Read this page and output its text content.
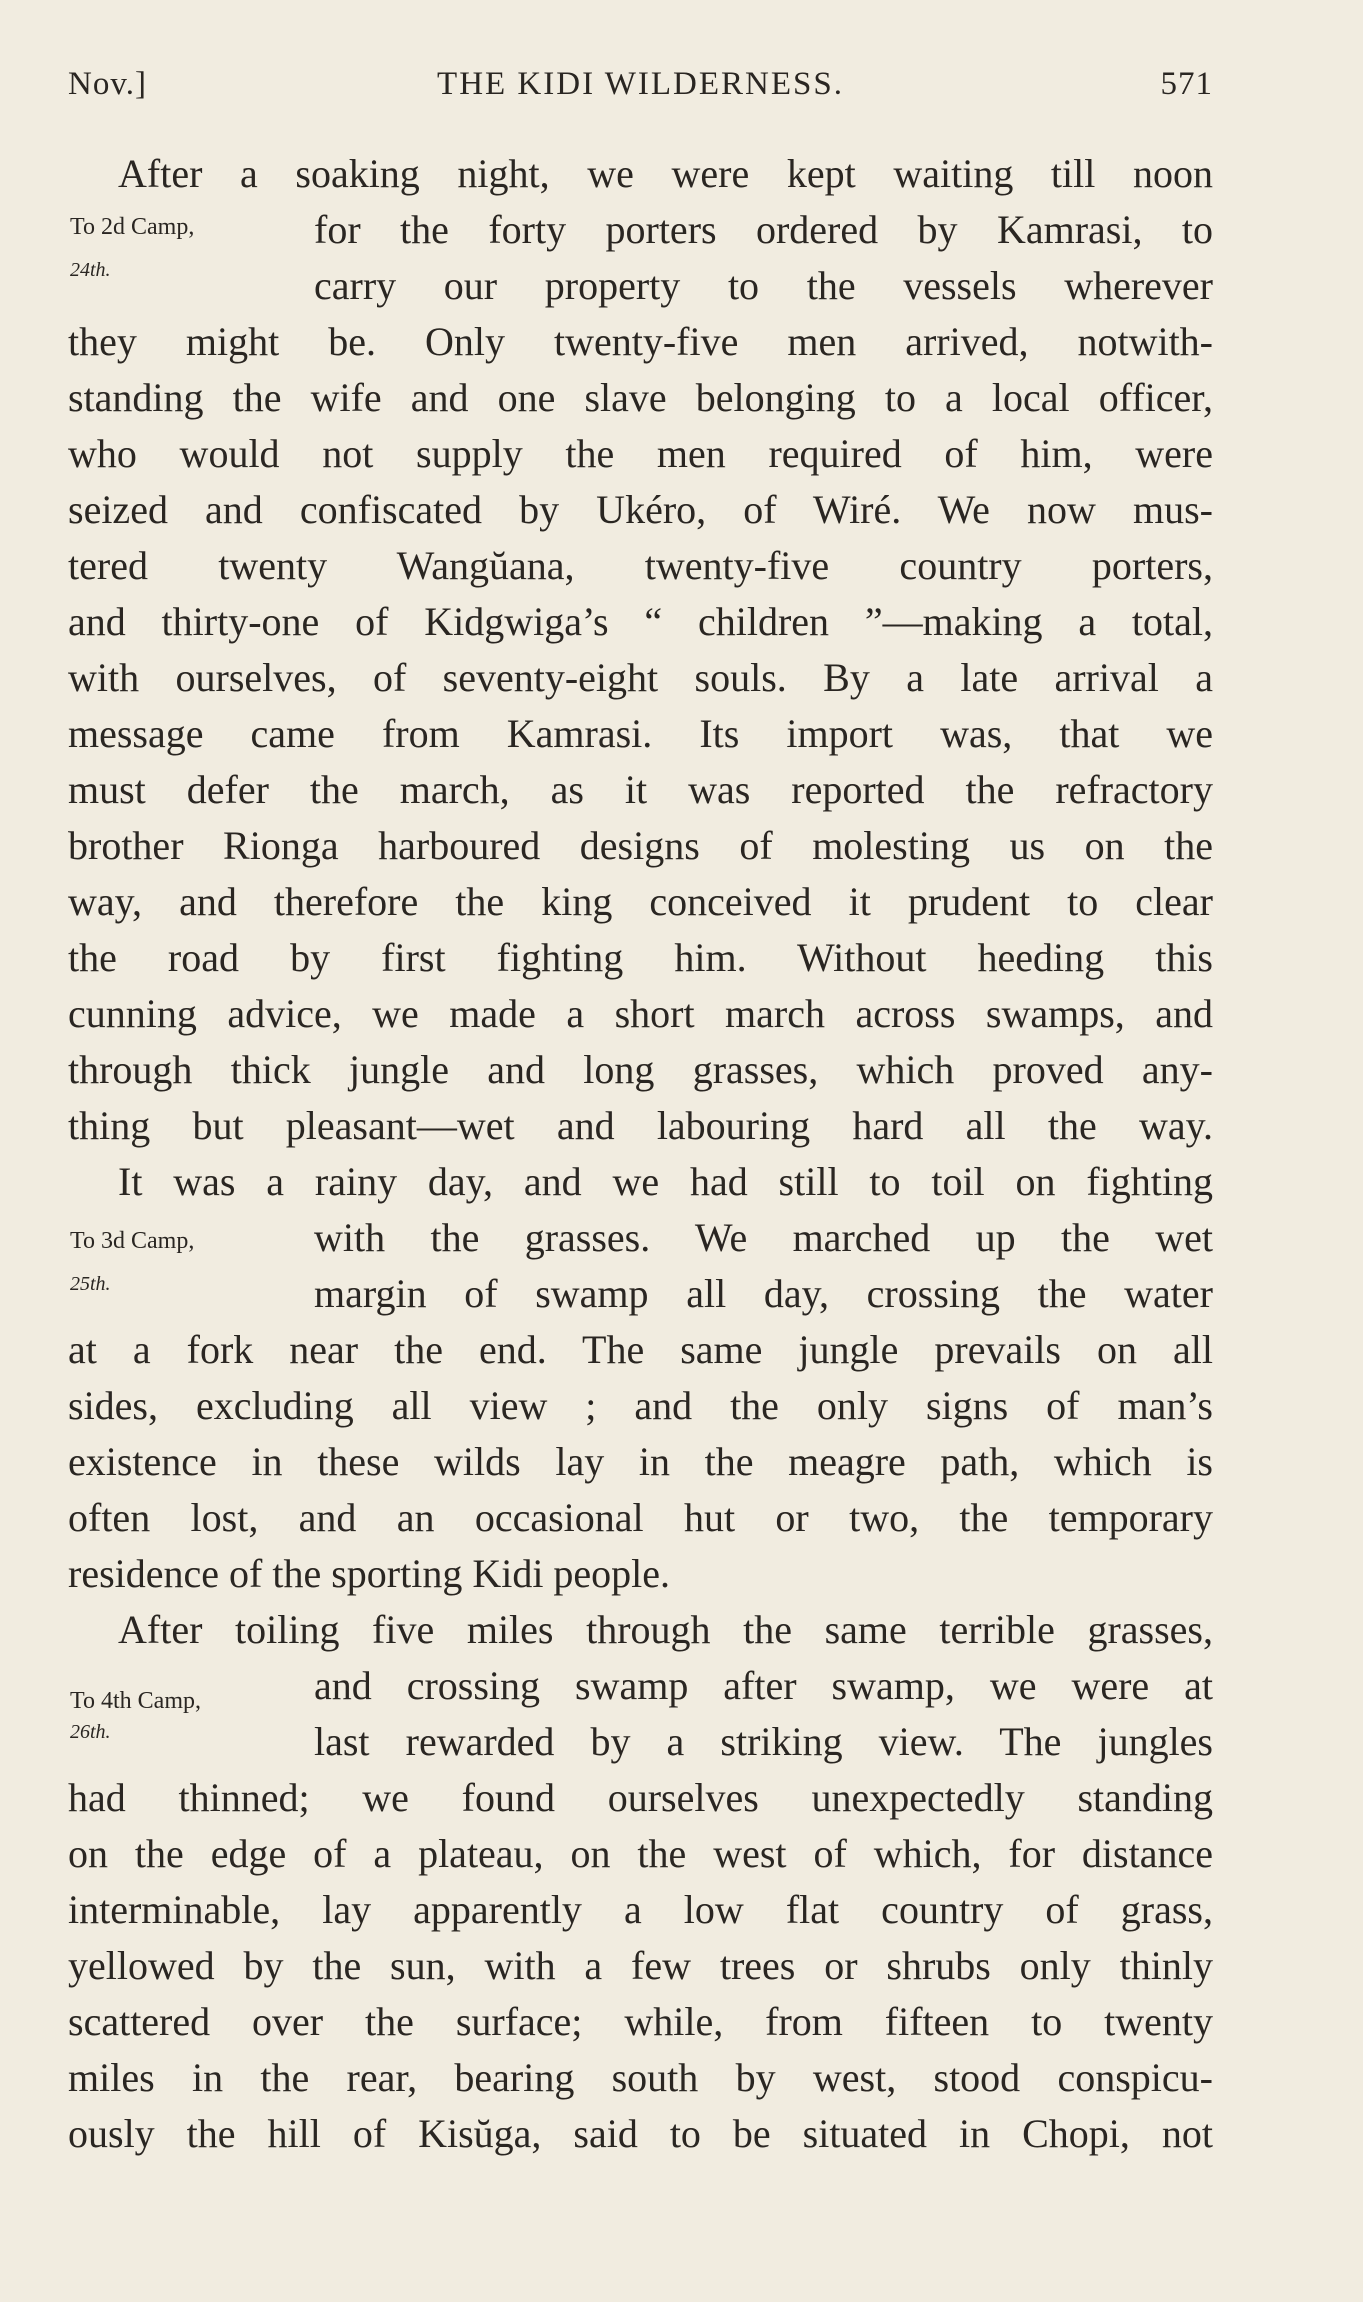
Nov.]	THE KIDI WILDERNESS.	571
To 2d Camp,
24th.
To 3d Camp,
25th.
To 4th Camp,
26th.
After a soaking night, we were kept waiting till noon
for the forty porters ordered by Kamrasi, to
carry our property to the vessels wherever
they might be. Only twenty-five men arrived, notwith-
standing the wife and one slave belonging to a local officer,
who would not supply the men required of him, were
seized and confiscated by Ukéro, of Wiré. We now mus-
tered twenty Wangŭana, twenty-five country porters,
and thirty-one of Kidgwiga’s “ children ”—making a total,
with ourselves, of seventy-eight souls. By a late arrival a
message came from Kamrasi. Its import was, that we
must defer the march, as it was reported the refractory
brother Rionga harboured designs of molesting us on the
way, and therefore the king conceived it prudent to clear
the road by first fighting him. Without heeding this
cunning advice, we made a short march across swamps, and
through thick jungle and long grasses, which proved any-
thing but pleasant—wet and labouring hard all the way.
It was a rainy day, and we had still to toil on fighting
with the grasses. We marched up the wet
margin of swamp all day, crossing the water
at a fork near the end. The same jungle prevails on all
sides, excluding all view ; and the only signs of man’s
existence in these wilds lay in the meagre path, which is
often lost, and an occasional hut or two, the temporary
residence of the sporting Kidi people.
After toiling five miles through the same terrible grasses,
and crossing swamp after swamp, we were at
last rewarded by a striking view. The jungles
had thinned; we found ourselves unexpectedly standing
on the edge of a plateau, on the west of which, for distance
interminable, lay apparently a low flat country of grass,
yellowed by the sun, with a few trees or shrubs only thinly
scattered over the surface; while, from fifteen to twenty
miles in the rear, bearing south by west, stood conspicu-
ously the hill of Kisŭga, said to be situated in Chopi, not
